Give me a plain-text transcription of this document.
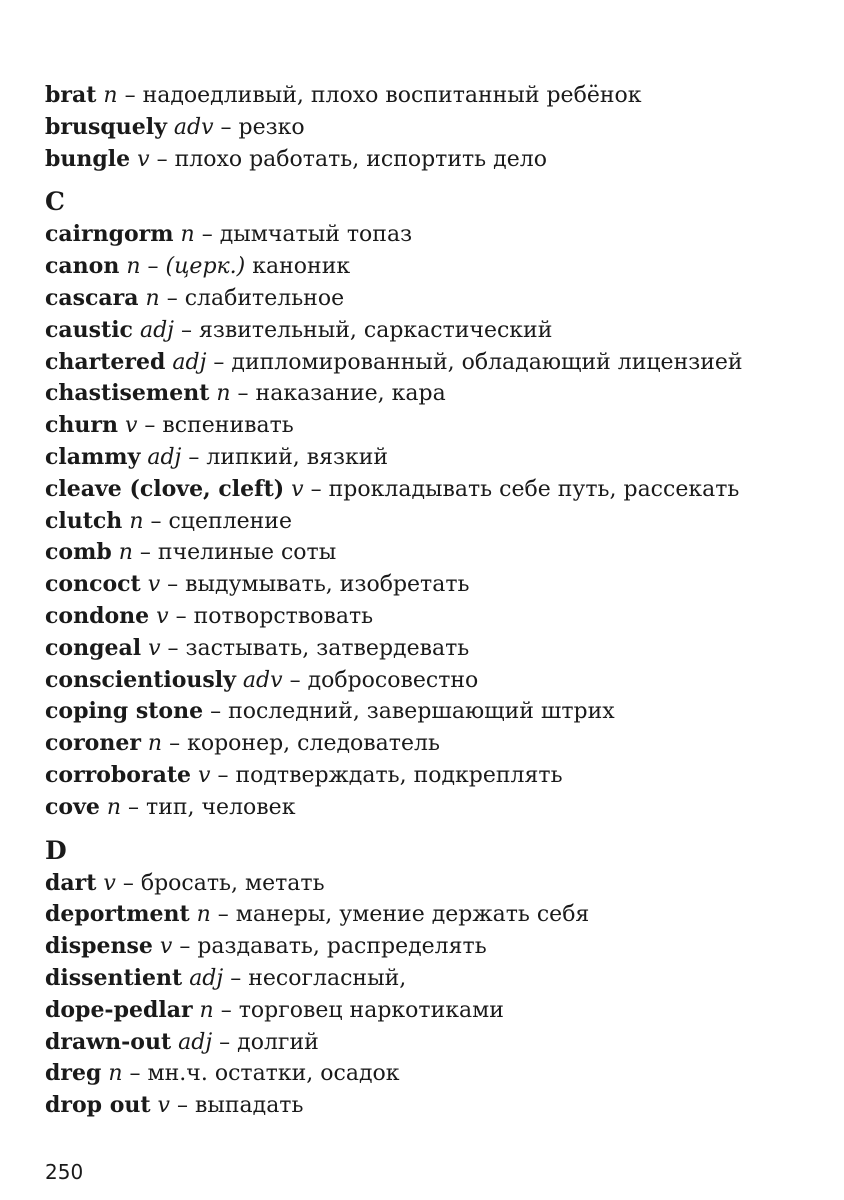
brat n – надоедливый, плохо воспитанный ребёнок
brusquely adv – резко
bungle v – плохо работать, испортить дело
C
cairngorm n – дымчатый топаз
canon n – (церк.) каноник
cascara n – слабительное
caustic adj – язвительный, саркастический
chartered adj – дипломированный, обладающий лицензией
chastisement n – наказание, кара
churn v – вспенивать
clammy adj – липкий, вязкий
cleave (clove, cleft) v – прокладывать себе путь, рассекать
clutch n – сцепление
comb n – пчелиные соты
concoct v – выдумывать, изобретать
condone v – потворствовать
congeal v – застывать, затвердевать
conscientiously adv – добросовестно
coping stone – последний, завершающий штрих
coroner n – коронер, следователь
corroborate v – подтверждать, подкреплять
cove n – тип, человек
D
dart v – бросать, метать
deportment n – манеры, умение держать себя
dispense v – раздавать, распределять
dissentient adj – несогласный,
dope-pedlar n – торговец наркотиками
drawn-out adj – долгий
dreg n – мн.ч. остатки, осадок
drop out v – выпадать
250
